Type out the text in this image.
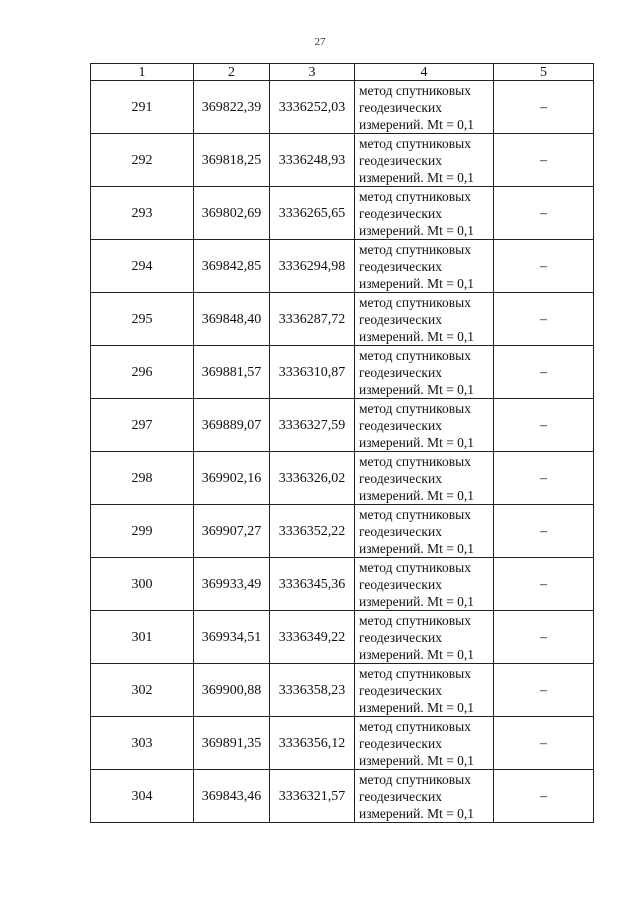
27
1	2	3	4	5
291	369822,39	3336252,03	метод спутниковых
геодезических
измерений. Mt = 0,1	–
292	369818,25	3336248,93	метод спутниковых
геодезических
измерений. Mt = 0,1	–
293	369802,69	3336265,65	метод спутниковых
геодезических
измерений. Mt = 0,1	–
294	369842,85	3336294,98	метод спутниковых
геодезических
измерений. Mt = 0,1	–
295	369848,40	3336287,72	метод спутниковых
геодезических
измерений. Mt = 0,1	–
296	369881,57	3336310,87	метод спутниковых
геодезических
измерений. Mt = 0,1	–
297	369889,07	3336327,59	метод спутниковых
геодезических
измерений. Mt = 0,1	–
298	369902,16	3336326,02	метод спутниковых
геодезических
измерений. Mt = 0,1	–
299	369907,27	3336352,22	метод спутниковых
геодезических
измерений. Mt = 0,1	–
300	369933,49	3336345,36	метод спутниковых
геодезических
измерений. Mt = 0,1	–
301	369934,51	3336349,22	метод спутниковых
геодезических
измерений. Mt = 0,1	–
302	369900,88	3336358,23	метод спутниковых
геодезических
измерений. Mt = 0,1	–
303	369891,35	3336356,12	метод спутниковых
геодезических
измерений. Mt = 0,1	–
304	369843,46	3336321,57	метод спутниковых
геодезических
измерений. Mt = 0,1	–
